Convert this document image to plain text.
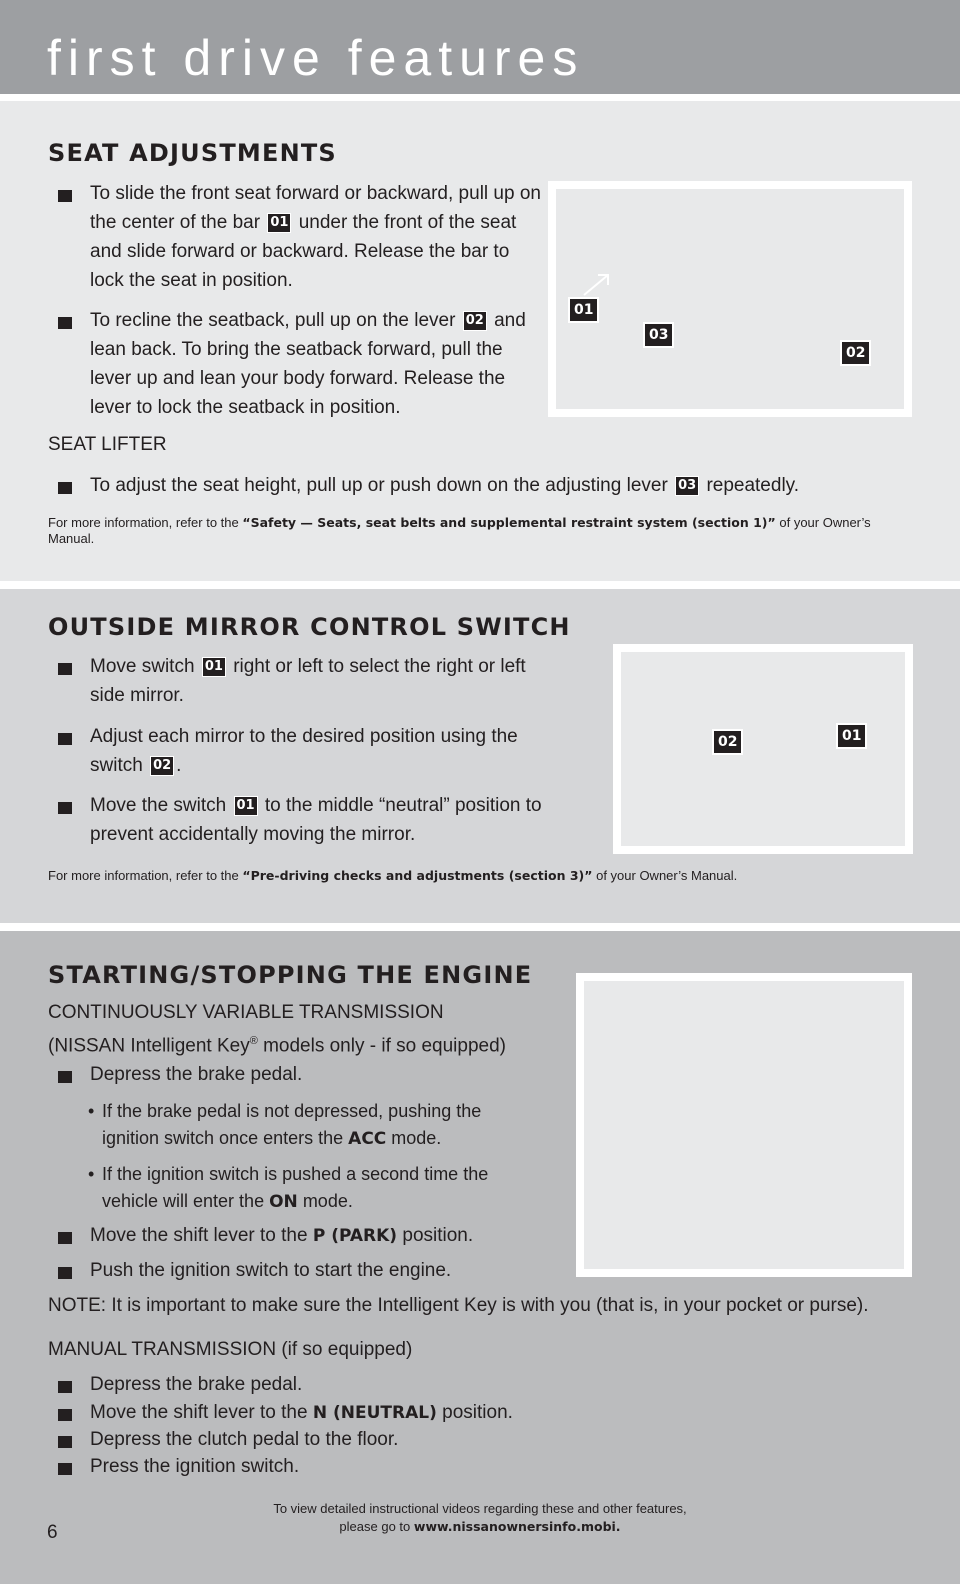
first drive features
SEAT ADJUSTMENTS
To slide the front seat forward or backward, pull up on the center of the bar 01 under the front of the seat and slide forward or backward. Release the bar to lock the seat in position.
To recline the seatback, pull up on the lever 02 and lean back. To bring the seatback forward, pull the lever up and lean your body forward. Release the lever to lock the seatback in position.
SEAT LIFTER
To adjust the seat height, pull up or push down on the adjusting lever 03 repeatedly.
For more information, refer to the “Safety — Seats, seat belts and supplemental restraint system (section 1)” of your Owner’s Manual.
01
03
02
OUTSIDE MIRROR CONTROL SWITCH
Move switch 01 right or left to select the right or left side mirror.
Adjust each mirror to the desired position using the switch 02 .
Move the switch 01 to the middle “neutral” position to prevent accidentally moving the mirror.
For more information, refer to the “Pre-driving checks and adjustments (section 3)” of your Owner’s Manual.
02	01
STARTING/STOPPING THE ENGINE
CONTINUOUSLY VARIABLE TRANSMISSION
(NISSAN Intelligent Key® models only - if so equipped)
Depress the brake pedal.
• If the brake pedal is not depressed, pushing the ignition switch once enters the ACC mode.
• If the ignition switch is pushed a second time the vehicle will enter the ON mode.
Move the shift lever to the P (PARK) position.
Push the ignition switch to start the engine.
NOTE: It is important to make sure the Intelligent Key is with you (that is, in your pocket or purse).
MANUAL TRANSMISSION (if so equipped)
Depress the brake pedal.
Move the shift lever to the N (NEUTRAL) position.
Depress the clutch pedal to the floor.
Press the ignition switch.
To view detailed instructional videos regarding these and other features,
please go to www.nissanownersinfo.mobi.
6
